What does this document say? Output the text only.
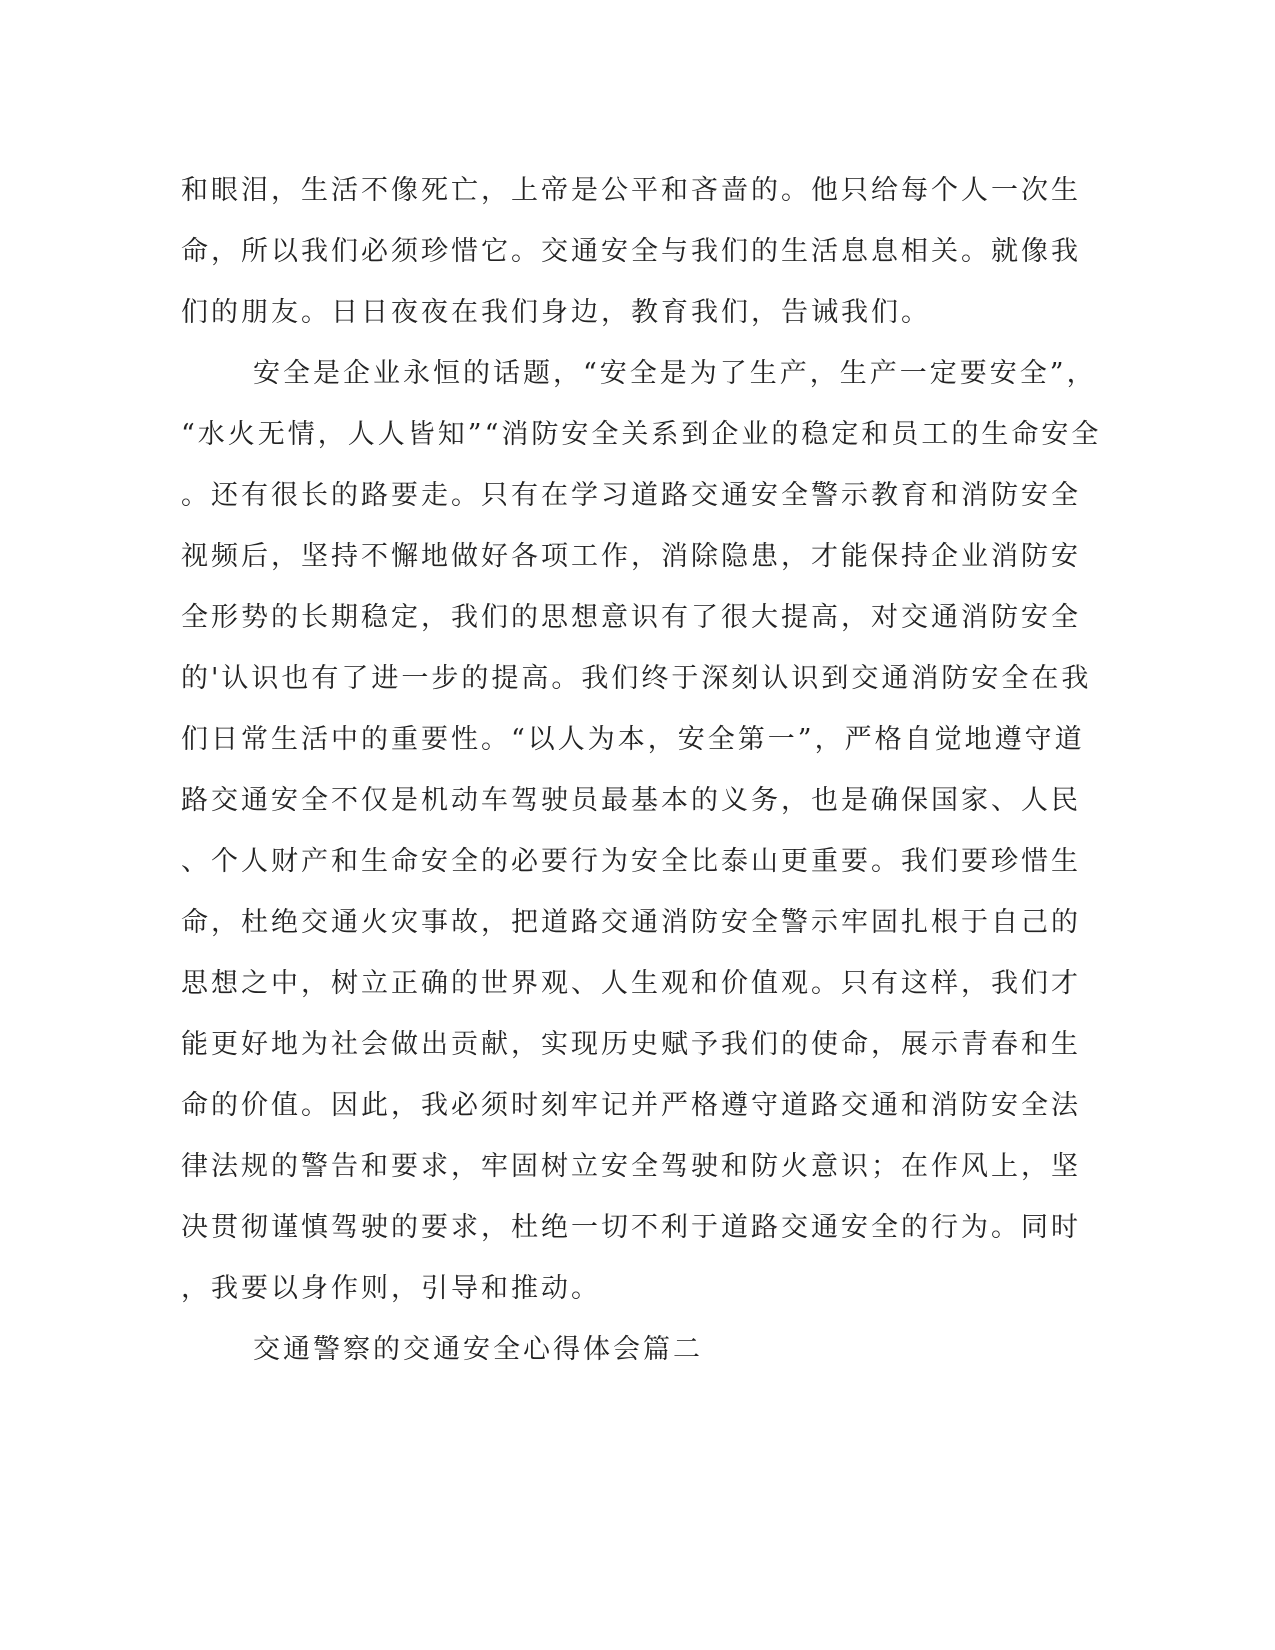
和眼泪，生活不像死亡，上帝是公平和吝啬的。他只给每个人一次生
命，所以我们必须珍惜它。交通安全与我们的生活息息相关。就像我
们的朋友。日日夜夜在我们身边，教育我们，告诫我们。
安全是企业永恒的话题，“安全是为了生产，生产一定要安全”，
“水火无情，人人皆知”“消防安全关系到企业的稳定和员工的生命安全
。还有很长的路要走。只有在学习道路交通安全警示教育和消防安全
视频后，坚持不懈地做好各项工作，消除隐患，才能保持企业消防安
全形势的长期稳定，我们的思想意识有了很大提高，对交通消防安全
的'认识也有了进一步的提高。我们终于深刻认识到交通消防安全在我
们日常生活中的重要性。“以人为本，安全第一”，严格自觉地遵守道
路交通安全不仅是机动车驾驶员最基本的义务，也是确保国家、人民
、个人财产和生命安全的必要行为安全比泰山更重要。我们要珍惜生
命，杜绝交通火灾事故，把道路交通消防安全警示牢固扎根于自己的
思想之中，树立正确的世界观、人生观和价值观。只有这样，我们才
能更好地为社会做出贡献，实现历史赋予我们的使命，展示青春和生
命的价值。因此，我必须时刻牢记并严格遵守道路交通和消防安全法
律法规的警告和要求，牢固树立安全驾驶和防火意识；在作风上，坚
决贯彻谨慎驾驶的要求，杜绝一切不利于道路交通安全的行为。同时
，我要以身作则，引导和推动。
交通警察的交通安全心得体会篇二
